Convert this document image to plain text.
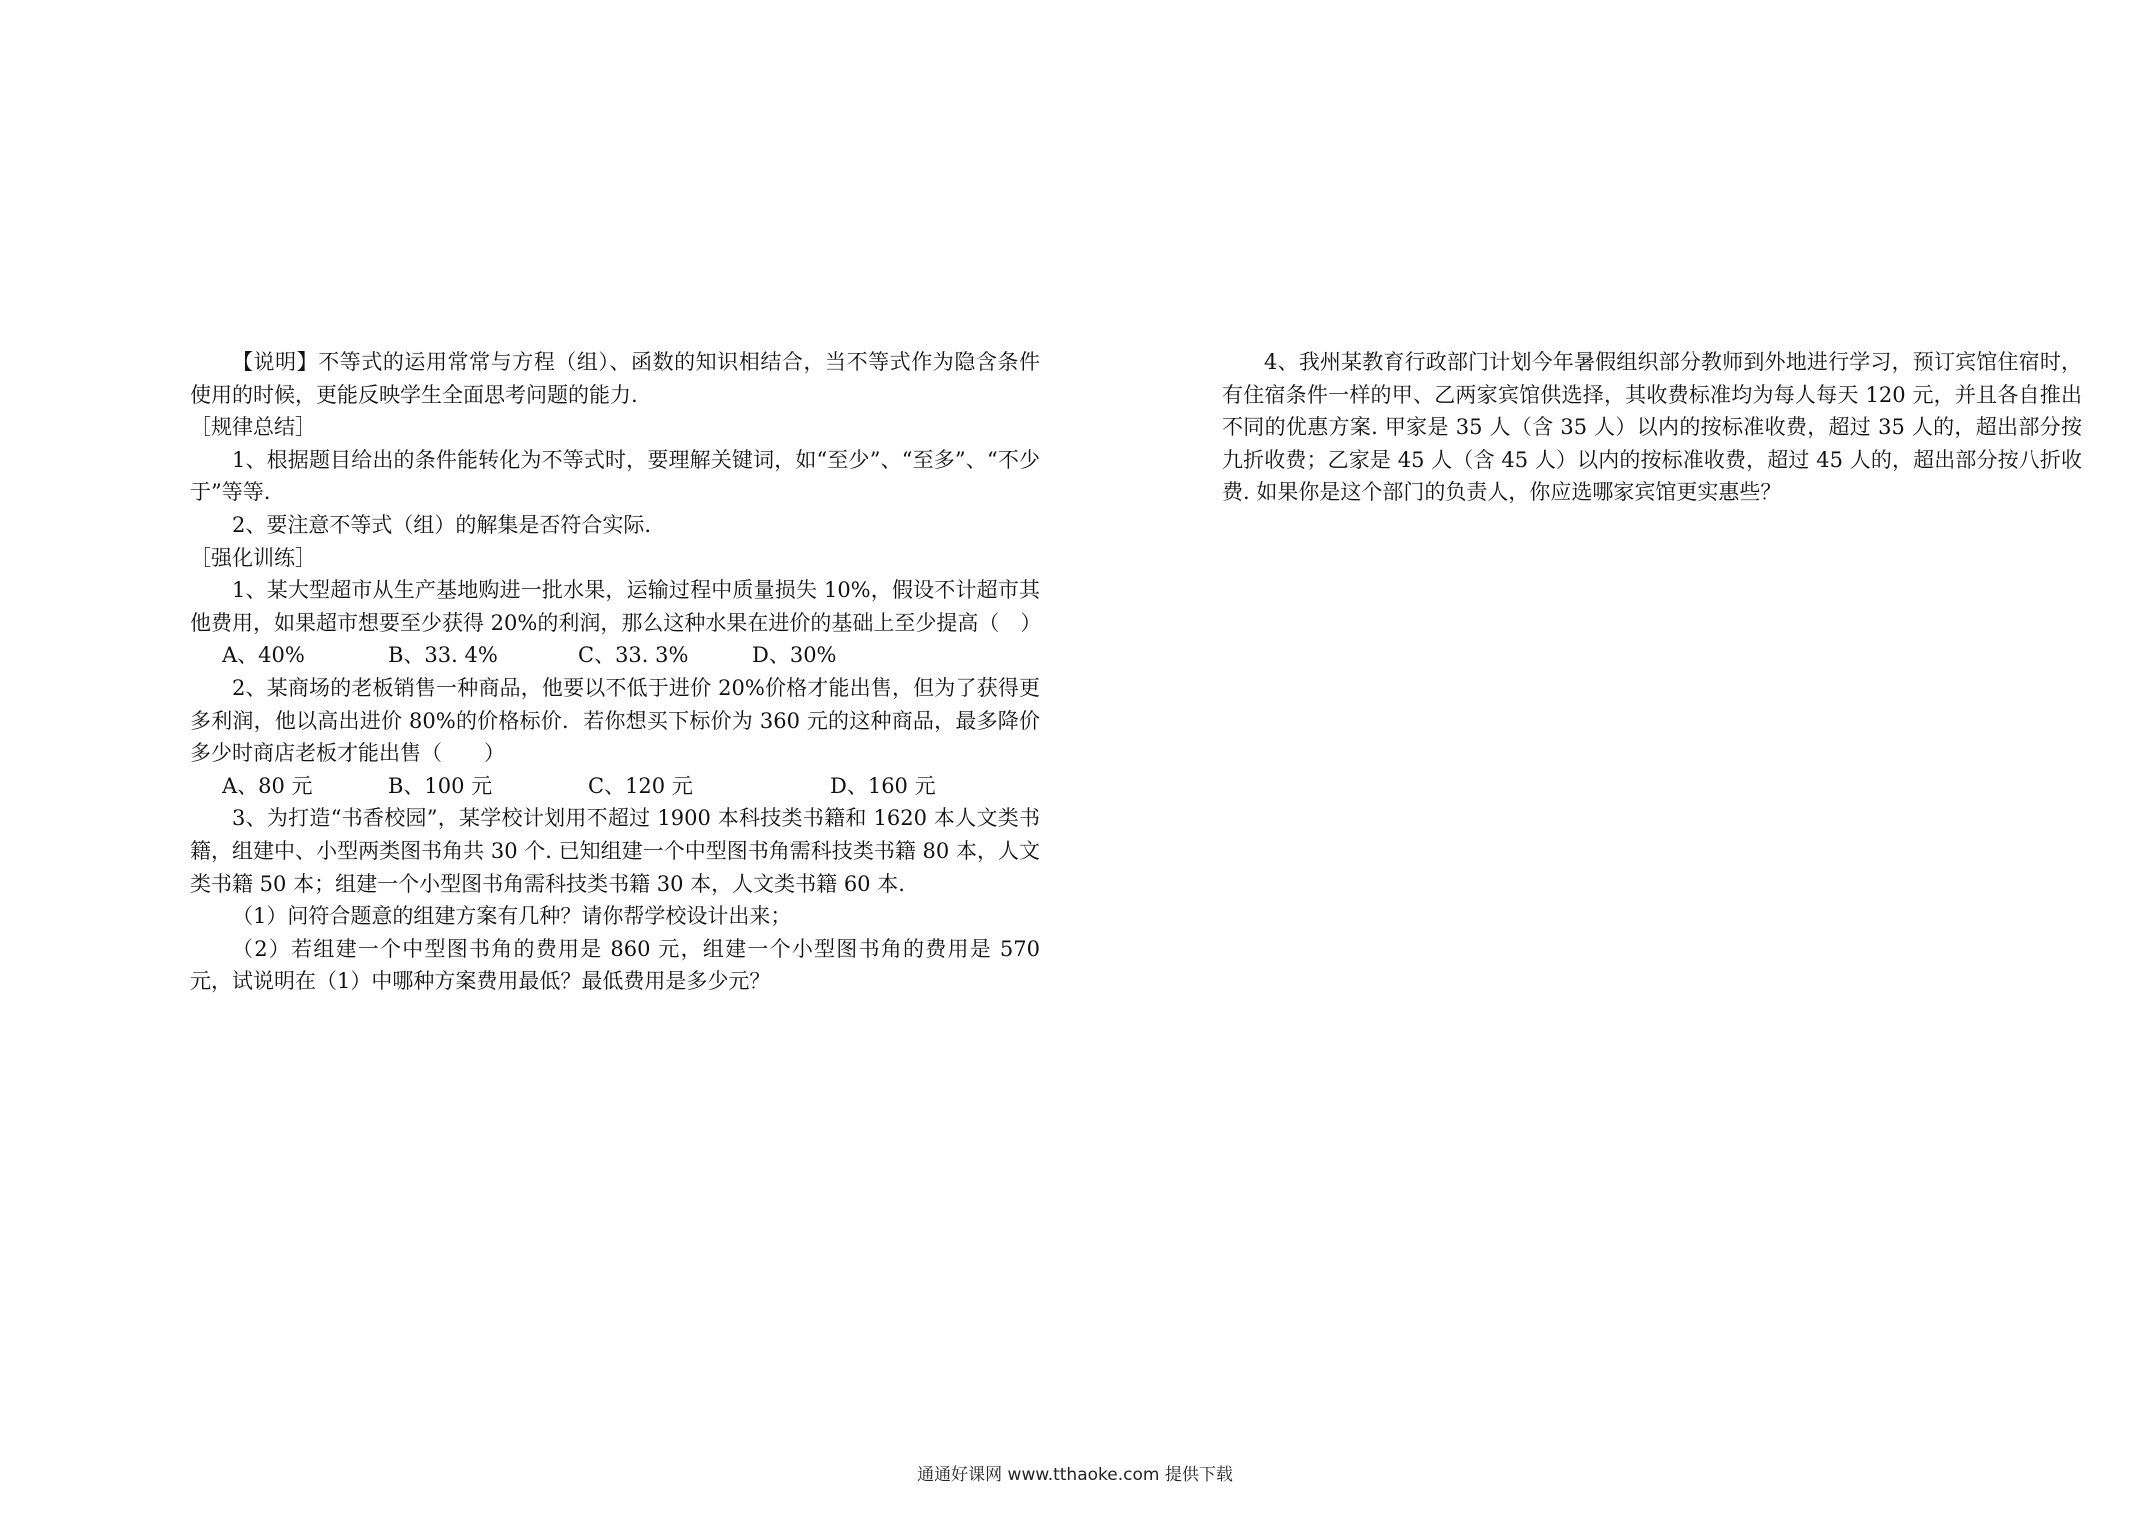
【说明】不等式的运用常常与方程（组）、函数的知识相结合，当不等式作为隐含条件使用的时候，更能反映学生全面思考问题的能力.

［规律总结］

1、根据题目给出的条件能转化为不等式时，要理解关键词，如“至少”、“至多”、“不少于”等等.

2、要注意不等式（组）的解集是否符合实际.

［强化训练］

1、某大型超市从生产基地购进一批水果，运输过程中质量损失 10%，假设不计超市其他费用，如果超市想要至少获得 20%的利润，那么这种水果在进价的基础上至少提高（　）

A、40%	B、33. 4%	C、33. 3%	D、30%

2、某商场的老板销售一种商品，他要以不低于进价 20%价格才能出售，但为了获得更多利润，他以高出进价 80%的价格标价．若你想买下标价为 360 元的这种商品，最多降价多少时商店老板才能出售（　　）

A、80 元	B、100 元	C、120 元	D、160 元

3、为打造“书香校园”，某学校计划用不超过 1900 本科技类书籍和 1620 本人文类书籍，组建中、小型两类图书角共 30 个. 已知组建一个中型图书角需科技类书籍 80 本，人文类书籍 50 本；组建一个小型图书角需科技类书籍 30 本，人文类书籍 60 本.

（1）问符合题意的组建方案有几种？请你帮学校设计出来；

（2）若组建一个中型图书角的费用是 860 元，组建一个小型图书角的费用是 570 元，试说明在（1）中哪种方案费用最低？最低费用是多少元？

4、我州某教育行政部门计划今年暑假组织部分教师到外地进行学习，预订宾馆住宿时，有住宿条件一样的甲、乙两家宾馆供选择，其收费标准均为每人每天 120 元，并且各自推出不同的优惠方案. 甲家是 35 人（含 35 人）以内的按标准收费，超过 35 人的，超出部分按九折收费；乙家是 45 人（含 45 人）以内的按标准收费，超过 45 人的，超出部分按八折收费. 如果你是这个部门的负责人，你应选哪家宾馆更实惠些？

通通好课网 www.tthaoke.com 提供下载
